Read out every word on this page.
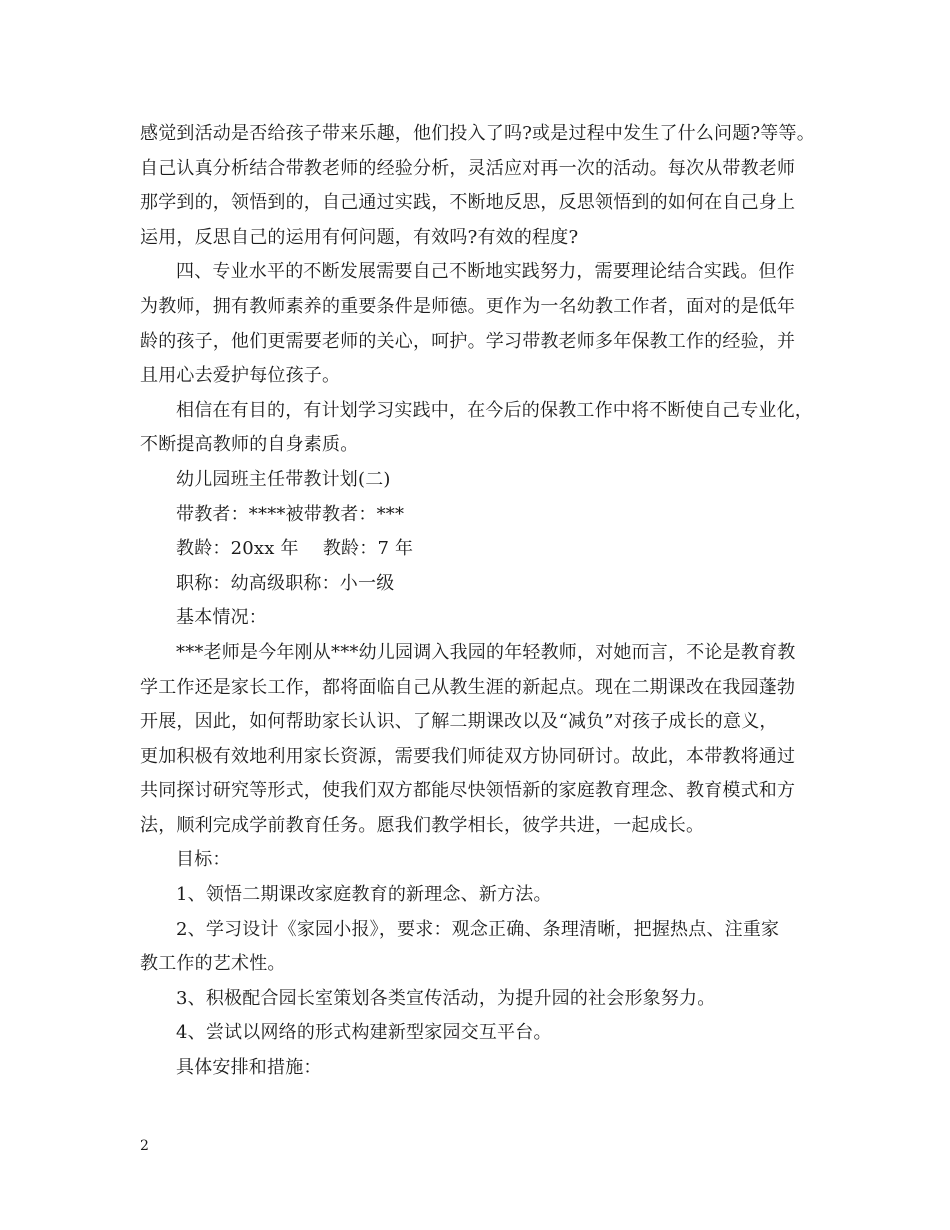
感觉到活动是否给孩子带来乐趣，他们投入了吗?或是过程中发生了什么问题?等等。
自己认真分析结合带教老师的经验分析，灵活应对再一次的活动。每次从带教老师
那学到的，领悟到的，自己通过实践，不断地反思，反思领悟到的如何在自己身上
运用，反思自己的运用有何问题，有效吗?有效的程度?
四、专业水平的不断发展需要自己不断地实践努力，需要理论结合实践。但作
为教师，拥有教师素养的重要条件是师德。更作为一名幼教工作者，面对的是低年
龄的孩子，他们更需要老师的关心，呵护。学习带教老师多年保教工作的经验，并
且用心去爱护每位孩子。
相信在有目的，有计划学习实践中，在今后的保教工作中将不断使自己专业化，
不断提高教师的自身素质。
幼儿园班主任带教计划(二)
带教者：****被带教者：***
教龄：20xx 年　 教龄：7 年
职称：幼高级职称：小一级
基本情况：
***老师是今年刚从***幼儿园调入我园的年轻教师，对她而言，不论是教育教
学工作还是家长工作，都将面临自己从教生涯的新起点。现在二期课改在我园蓬勃
开展，因此，如何帮助家长认识、了解二期课改以及“减负”对孩子成长的意义，
更加积极有效地利用家长资源，需要我们师徒双方协同研讨。故此，本带教将通过
共同探讨研究等形式，使我们双方都能尽快领悟新的家庭教育理念、教育模式和方
法，顺利完成学前教育任务。愿我们教学相长，彼学共进，一起成长。
目标：
1、领悟二期课改家庭教育的新理念、新方法。
2、学习设计《家园小报》，要求：观念正确、条理清晰，把握热点、注重家
教工作的艺术性。
3、积极配合园长室策划各类宣传活动，为提升园的社会形象努力。
4、尝试以网络的形式构建新型家园交互平台。
具体安排和措施：
2
